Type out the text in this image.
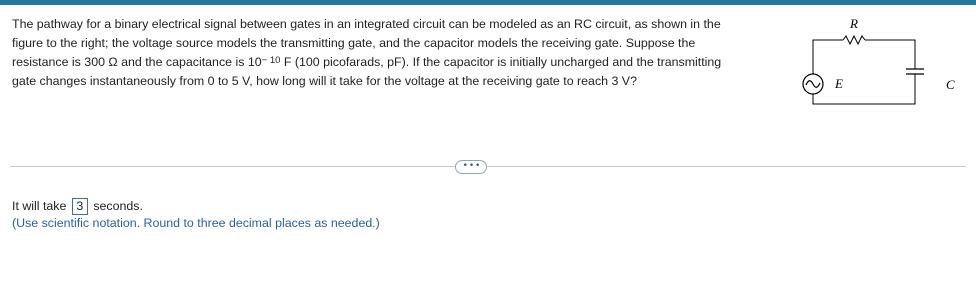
The pathway for a binary electrical signal between gates in an integrated circuit can be modeled as an RC circuit, as shown in the
figure to the right; the voltage source models the transmitting gate, and the capacitor models the receiving gate. Suppose the
resistance is 300 Ω and the capacitance is $10^{- 10}$ F (100 picofarads, pF). If the capacitor is initially uncharged and the transmitting
gate changes instantaneously from 0 to 5 V, how long will it take for the voltage at the receiving gate to reach 3 V?
R
E	C
• • •
It will take 3 seconds.
(Use scientific notation. Round to three decimal places as needed.)
